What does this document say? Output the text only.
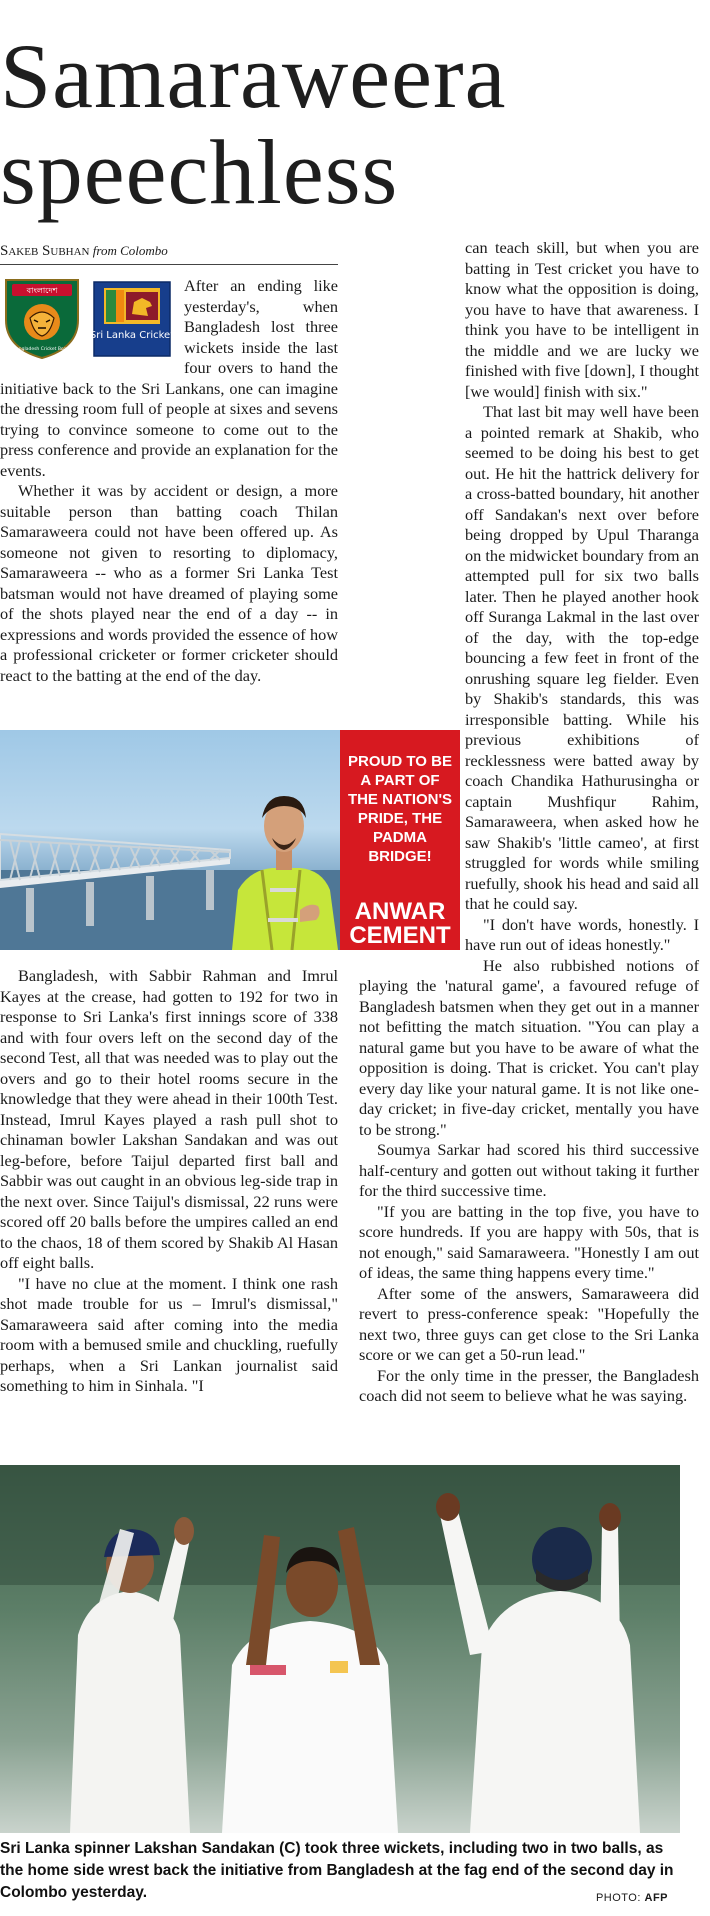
Samaraweera
speechless
Sakeb Subhan from Colombo
বাংলাদেশ
Bangladesh Cricket Board
Sri Lanka Cricket

After an ending like yesterday's, when Bangladesh lost three wickets inside the last four overs to hand the initiative back to the Sri Lankans, one can imagine the dressing room full of people at sixes and sevens trying to convince someone to come out to the press conference and provide an explanation for the events.

Whether it was by accident or design, a more suitable person than batting coach Thilan Samaraweera could not have been offered up. As someone not given to resorting to diplomacy, Samaraweera -- who as a former Sri Lanka Test batsman would not have dreamed of playing some of the shots played near the end of a day -- in expressions and words provided the essence of how a professional cricketer or former cricketer should react to the batting at the end of the day.

PROUD TO BE A PART OF THE NATION'S PRIDE, THE PADMA BRIDGE!
ANWAR
CEMENT

Bangladesh, with Sabbir Rahman and Imrul Kayes at the crease, had gotten to 192 for two in response to Sri Lanka's first innings score of 338 and with four overs left on the second day of the second Test, all that was needed was to play out the overs and go to their hotel rooms secure in the knowledge that they were ahead in their 100th Test. Instead, Imrul Kayes played a rash pull shot to chinaman bowler Lakshan Sandakan and was out leg-before, before Taijul departed first ball and Sabbir was out caught in an obvious leg-side trap in the next over. Since Taijul's dismissal, 22 runs were scored off 20 balls before the umpires called an end to the chaos, 18 of them scored by Shakib Al Hasan off eight balls.

"I have no clue at the moment. I think one rash shot made trouble for us – Imrul's dismissal," Samaraweera said after coming into the media room with a bemused smile and chuckling, ruefully perhaps, when a Sri Lankan journalist said something to him in Sinhala. "I

can teach skill, but when you are batting in Test cricket you have to know what the opposition is doing, you have to have that awareness. I think you have to be intelligent in the middle and we are lucky we finished with five [down], I thought [we would] finish with six."

That last bit may well have been a pointed remark at Shakib, who seemed to be doing his best to get out. He hit the hattrick delivery for a cross-batted boundary, hit another off Sandakan's next over before being dropped by Upul Tharanga on the midwicket boundary from an attempted pull for six two balls later. Then he played another hook off Suranga Lakmal in the last over of the day, with the top-edge bouncing a few feet in front of the onrushing square leg fielder. Even by Shakib's standards, this was irresponsible batting. While his previous exhibitions of recklessness were batted away by coach Chandika Hathurusingha or captain Mushfiqur Rahim, Samaraweera, when asked how he saw Shakib's 'little cameo', at first struggled for words while smiling ruefully, shook his head and said all that he could say.

"I don't have words, honestly. I have run out of ideas honestly."

He also rubbished notions of playing the 'natural game', a favoured refuge of Bangladesh batsmen when they get out in a manner not befitting the match situation. "You can play a natural game but you have to be aware of what the opposition is doing. That is cricket. You can't play every day like your natural game. It is not like one-day cricket; in five-day cricket, mentally you have to be strong."

Soumya Sarkar had scored his third successive half-century and gotten out without taking it further for the third successive time.

"If you are batting in the top five, you have to score hundreds. If you are happy with 50s, that is not enough," said Samaraweera. "Honestly I am out of ideas, the same thing happens every time."

After some of the answers, Samaraweera did revert to press-conference speak: "Hopefully the next two, three guys can get close to the Sri Lanka score or we can get a 50-run lead."

For the only time in the presser, the Bangladesh coach did not seem to believe what he was saying.

Sri Lanka spinner Lakshan Sandakan (C) took three wickets, including two in two balls, as the home side wrest back the initiative from Bangladesh at the fag end of the second day in Colombo yesterday.	PHOTO: AFP
